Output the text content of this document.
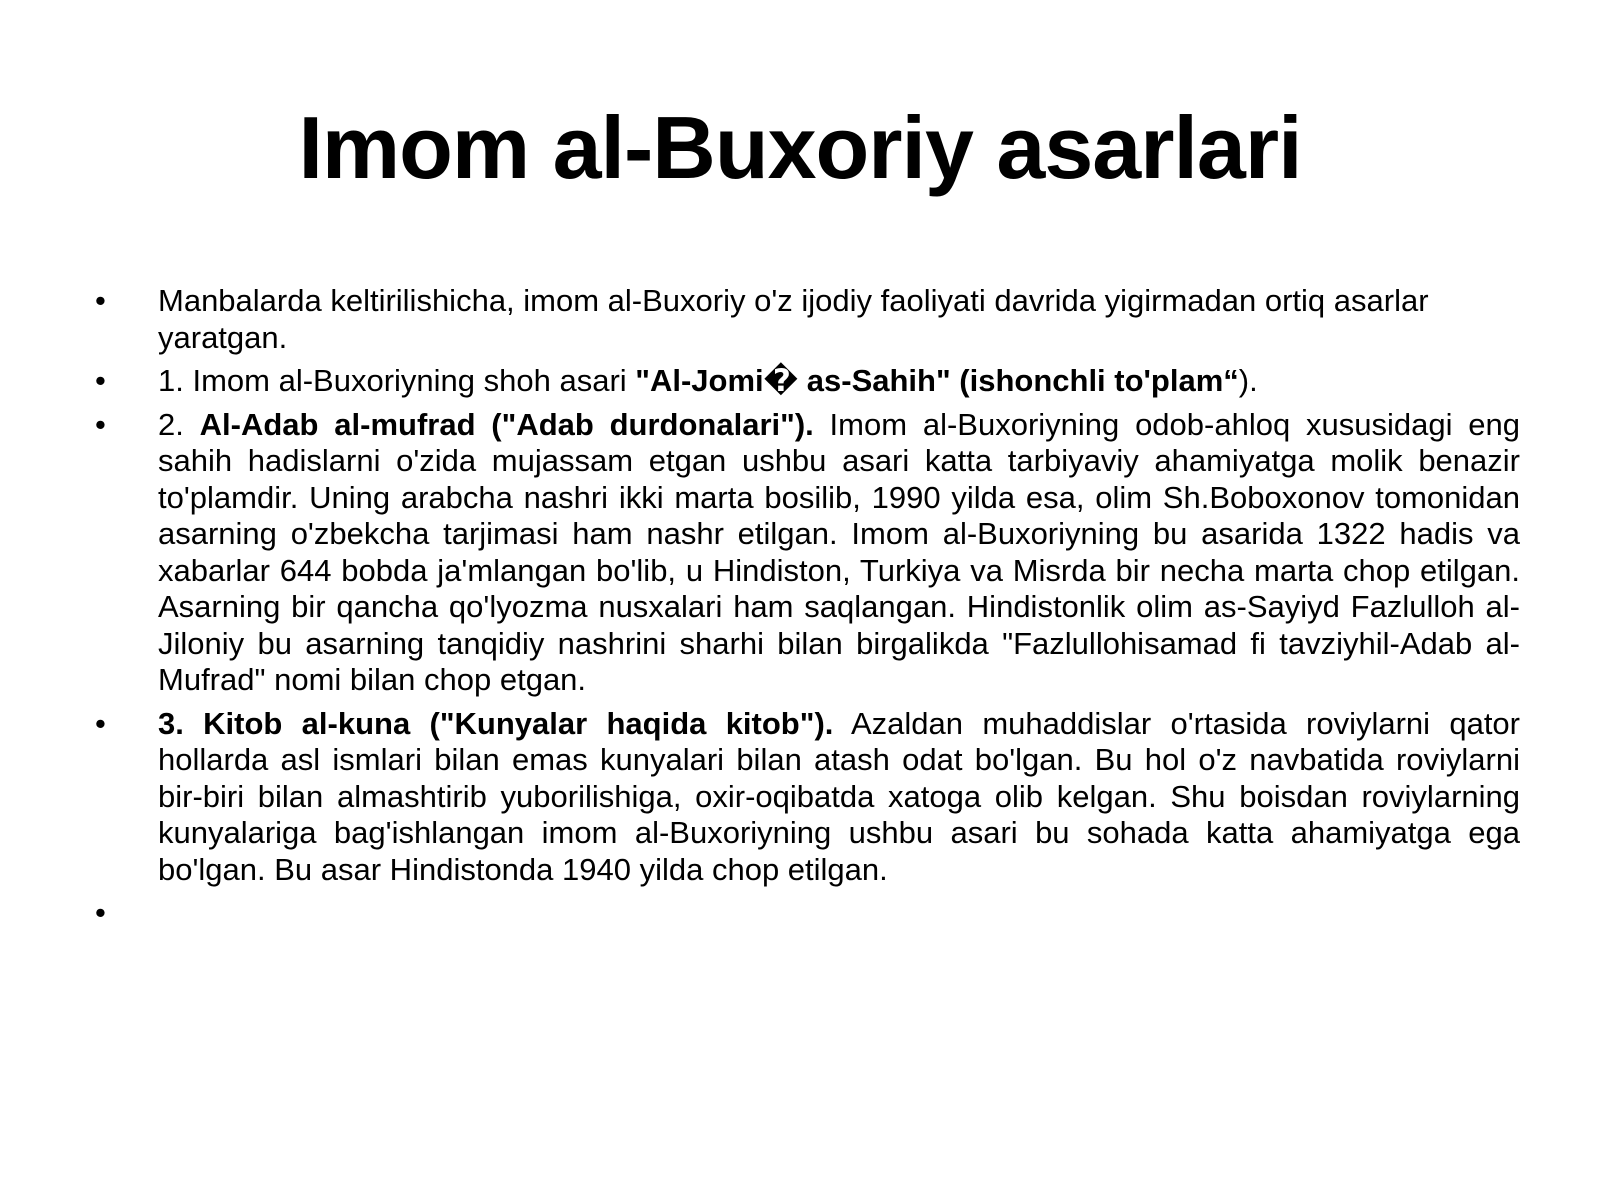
Imom al-Buxoriy asarlari
• Manbalarda keltirilishicha, imom al-Buxoriy o'z ijodiy faoliyati davrida yigirmadan ortiq asarlar yaratgan.
• 1. Imom al-Buxoriyning shoh asari "Al-Jomi� as-Sahih" (ishonchli to'plam“).
• 2. Al-Adab al-mufrad ("Adab durdonalari"). Imom al-Buxoriyning odob-ahloq xususidagi eng sahih hadislarni o'zida mujassam etgan ushbu asari katta tarbiyaviy ahamiyatga molik benazir to'plamdir. Uning arabcha nashri ikki marta bosilib, 1990 yilda esa, olim Sh.Boboxonov tomonidan asarning o'zbekcha tarjimasi ham nashr etilgan. Imom al-Buxoriyning bu asarida 1322 hadis va xabarlar 644 bobda ja'mlangan bo'lib, u Hindiston, Turkiya va Misrda bir necha marta chop etilgan. Asarning bir qancha qo'lyozma nusxalari ham saqlangan. Hindistonlik olim as-Sayiyd Fazlulloh al-Jiloniy bu asarning tanqidiy nashrini sharhi bilan birgalikda "Fazlullohisamad fi tavziyhil-Adab al-Mufrad" nomi bilan chop etgan.
• 3. Kitob al-kuna ("Kunyalar haqida kitob"). Azaldan muhaddislar o'rtasida roviylarni qator hollarda asl ismlari bilan emas kunyalari bilan atash odat bo'lgan. Bu hol o'z navbatida roviylarni bir-biri bilan almashtirib yuborilishiga, oxir-oqibatda xatoga olib kelgan. Shu boisdan roviylarning kunyalariga bag'ishlangan imom al-Buxoriyning ushbu asari bu sohada katta ahamiyatga ega bo'lgan. Bu asar Hindistonda 1940 yilda chop etilgan.
•
